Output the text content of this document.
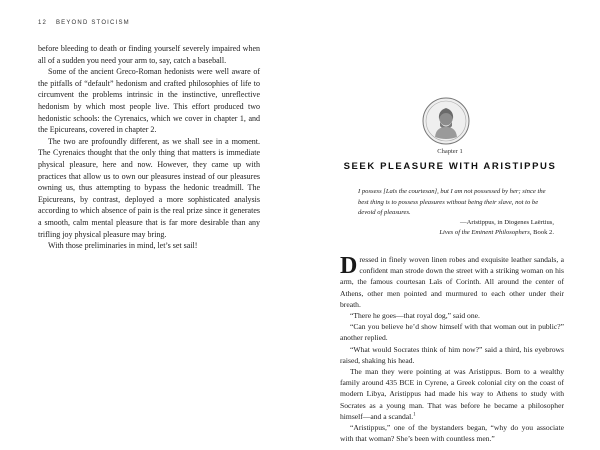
12 BEYOND STOICISM

before bleeding to death or finding yourself severely impaired when all of a sudden you need your arm to, say, catch a baseball.

Some of the ancient Greco-Roman hedonists were well aware of the pitfalls of “default” hedonism and crafted philosophies of life to circumvent the problems intrinsic in the instinctive, unreflective hedonism by which most people live. This effort produced two hedonistic schools: the Cyrenaics, which we cover in chapter 1, and the Epicureans, covered in chapter 2.

The two are profoundly different, as we shall see in a moment. The Cyrenaics thought that the only thing that matters is immediate physical pleasure, here and now. However, they came up with practices that allow us to own our pleasures instead of our pleasures owning us, thus attempting to bypass the hedonic treadmill. The Epicureans, by contrast, deployed a more sophisticated analysis according to which absence of pain is the real prize since it generates a smooth, calm mental pleasure that is far more desirable than any trifling joy physical pleasure may bring.

With those preliminaries in mind, let’s set sail!

Chapter 1
SEEK PLEASURE WITH ARISTIPPUS
I possess [Laïs the courtesan], but I am not possessed by her; since the best thing is to possess pleasures without being their slave, not to be devoid of pleasures.
—Aristippus, in Diogenes Laërtius,
Lives of the Eminent Philosophers, Book 2.

Dressed in finely woven linen robes and exquisite leather sandals, a confident man strode down the street with a striking woman on his arm, the famous courtesan Laïs of Corinth. All around the center of Athens, other men pointed and murmured to each other under their breath.

“There he goes—that royal dog,” said one.

“Can you believe he’d show himself with that woman out in public?” another replied.

“What would Socrates think of him now?” said a third, his eyebrows raised, shaking his head.

The man they were pointing at was Aristippus. Born to a wealthy family around 435 BCE in Cyrene, a Greek colonial city on the coast of modern Libya, Aristippus had made his way to Athens to study with Socrates as a young man. That was before he became a philosopher himself—and a scandal.$^1$

“Aristippus,” one of the bystanders began, “why do you associate with that woman? She’s been with countless men.”
